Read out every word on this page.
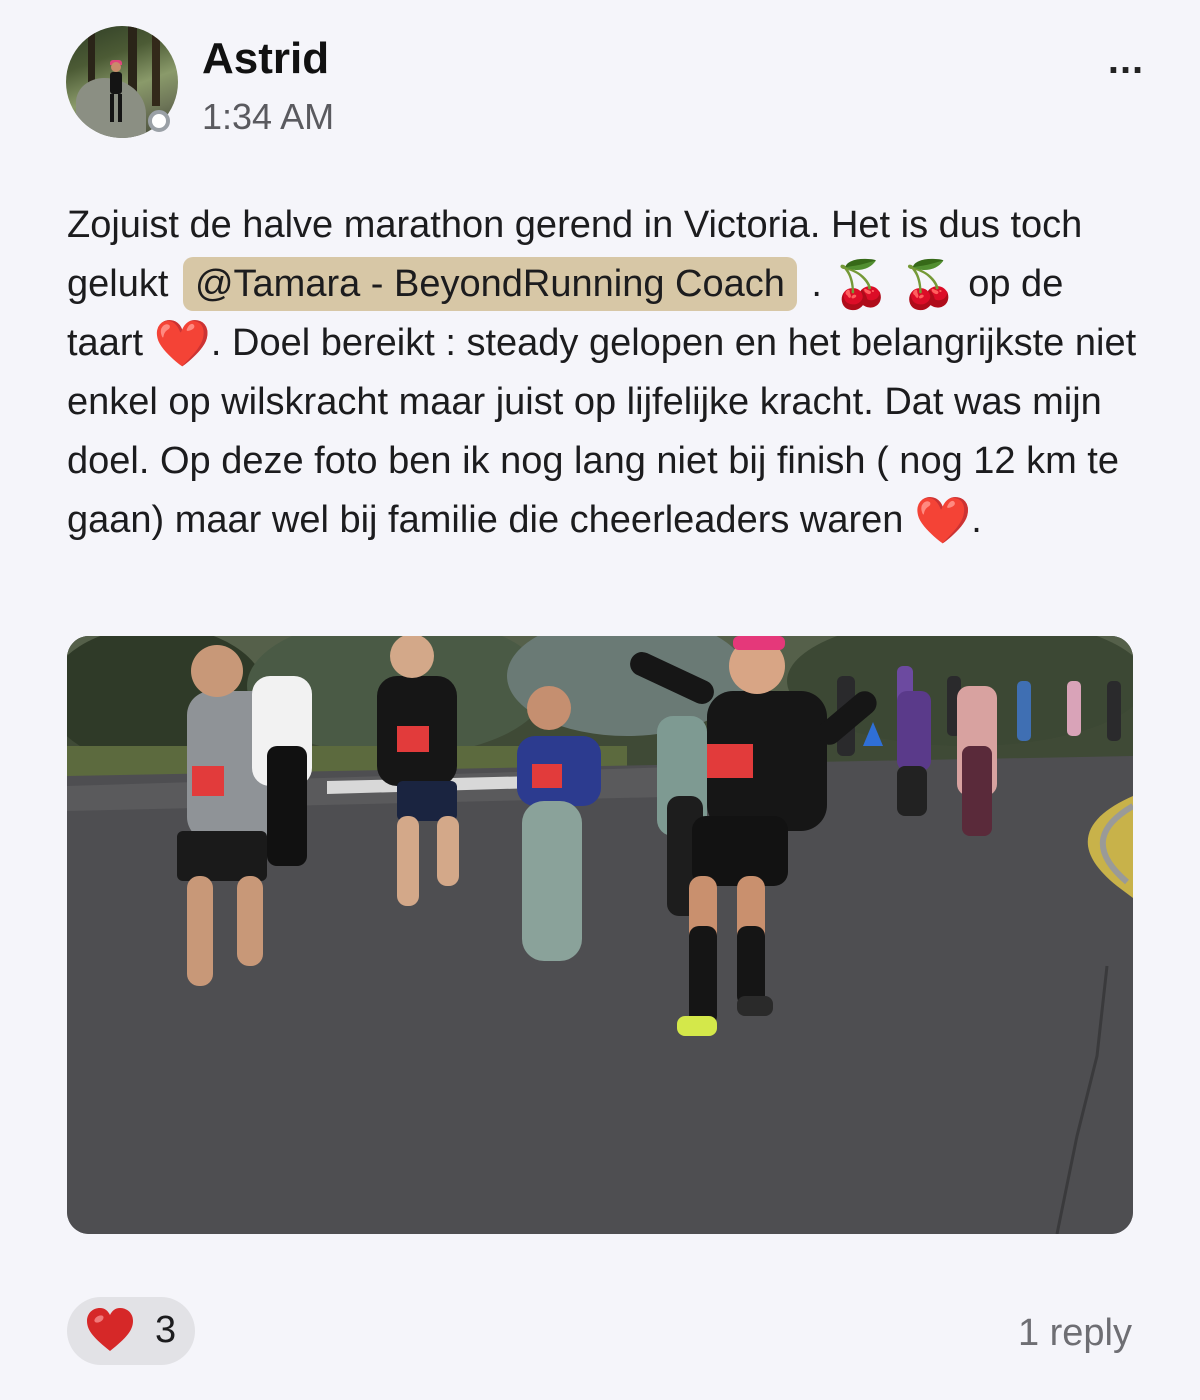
Astrid
1:34 AM
...
Zojuist de halve marathon gerend in Victoria. Het is dus toch gelukt @Tamara - BeyondRunning Coach . 🍒 🍒 op de taart ❤️. Doel bereikt : steady gelopen en het belangrijkste niet enkel op wilskracht maar juist op lijfelijke kracht. Dat was mijn doel. Op deze foto ben ik nog lang niet bij finish ( nog 12 km te gaan) maar wel bij familie die cheerleaders waren ❤️.
3	1 reply
